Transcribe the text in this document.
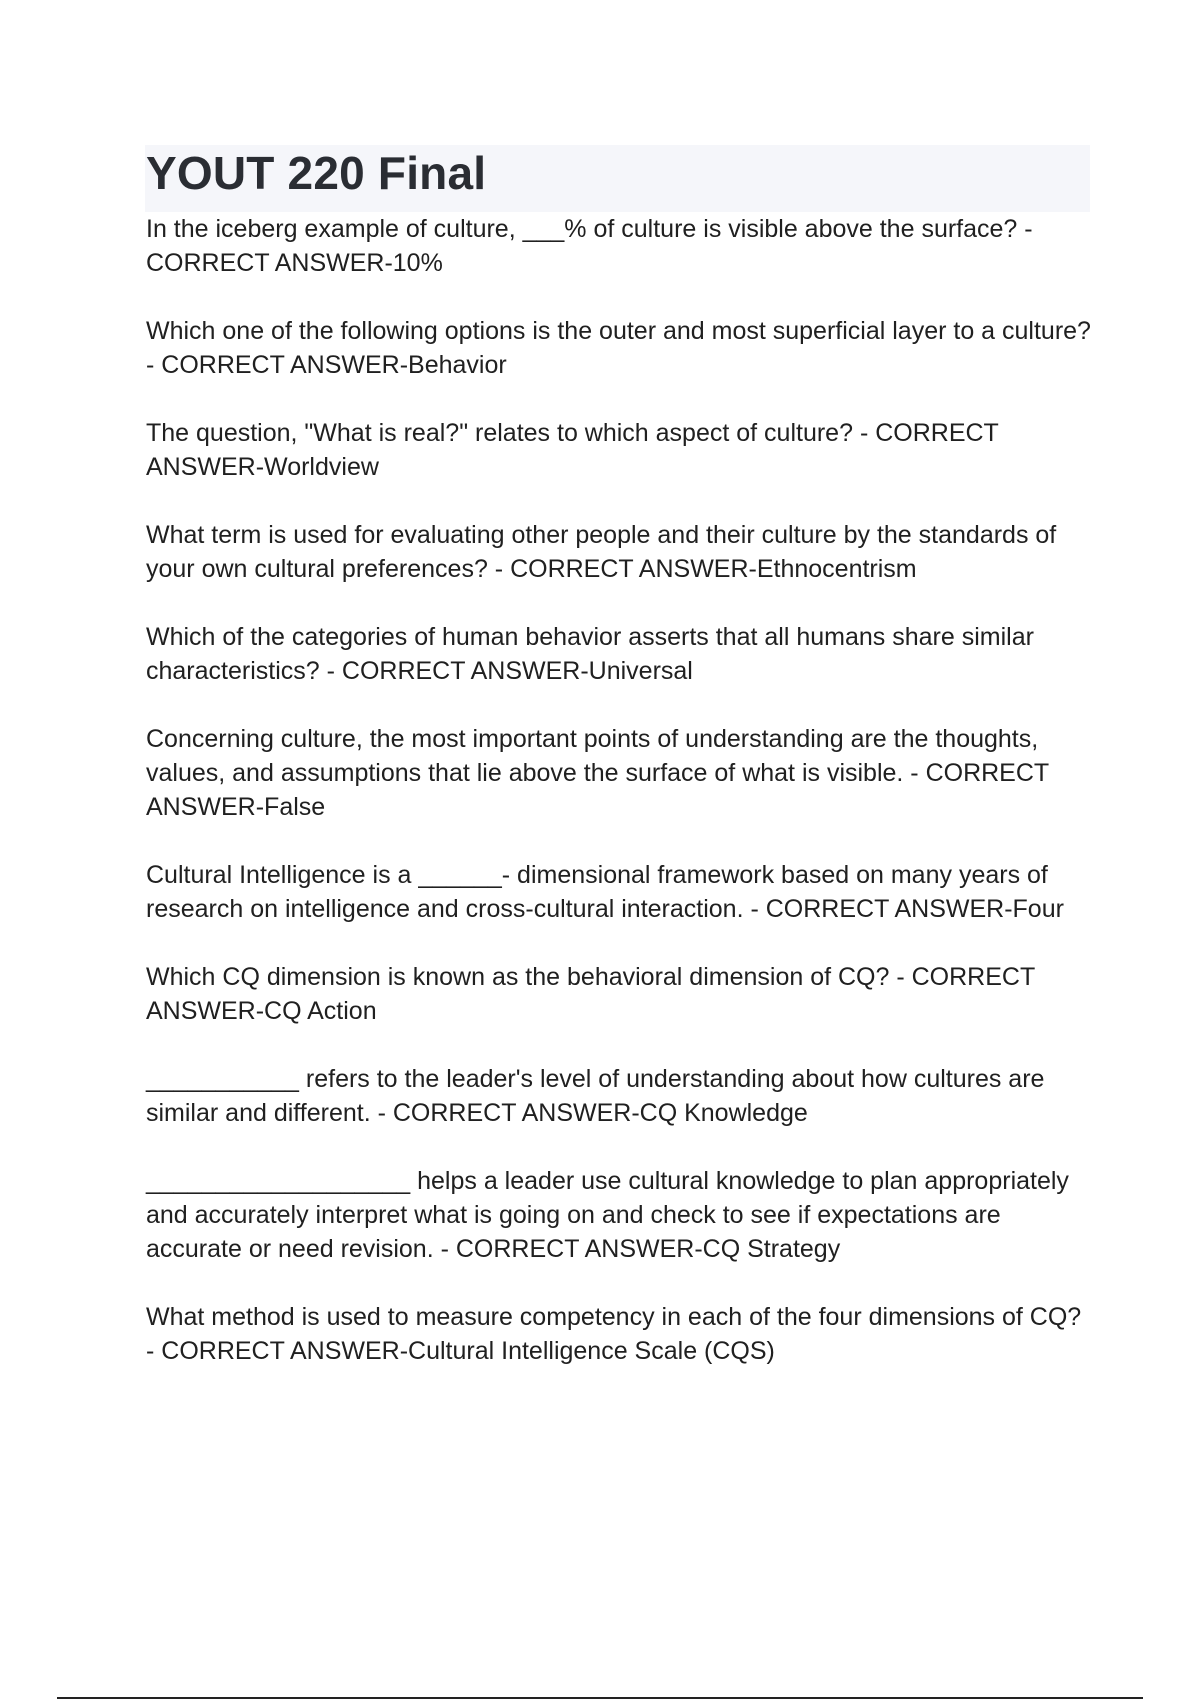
YOUT 220 Final

In the iceberg example of culture, ___% of culture is visible above the surface? - CORRECT ANSWER-10%

Which one of the following options is the outer and most superficial layer to a culture? - CORRECT ANSWER-Behavior

The question, "What is real?" relates to which aspect of culture? - CORRECT ANSWER-Worldview

What term is used for evaluating other people and their culture by the standards of your own cultural preferences? - CORRECT ANSWER-Ethnocentrism

Which of the categories of human behavior asserts that all humans share similar characteristics? - CORRECT ANSWER-Universal

Concerning culture, the most important points of understanding are the thoughts, values, and assumptions that lie above the surface of what is visible. - CORRECT ANSWER-False

Cultural Intelligence is a ______- dimensional framework based on many years of research on intelligence and cross-cultural interaction. - CORRECT ANSWER-Four

Which CQ dimension is known as the behavioral dimension of CQ? - CORRECT ANSWER-CQ Action

___________ refers to the leader's level of understanding about how cultures are similar and different. - CORRECT ANSWER-CQ Knowledge

___________________ helps a leader use cultural knowledge to plan appropriately and accurately interpret what is going on and check to see if expectations are accurate or need revision. - CORRECT ANSWER-CQ Strategy

What method is used to measure competency in each of the four dimensions of CQ? - CORRECT ANSWER-Cultural Intelligence Scale (CQS)
